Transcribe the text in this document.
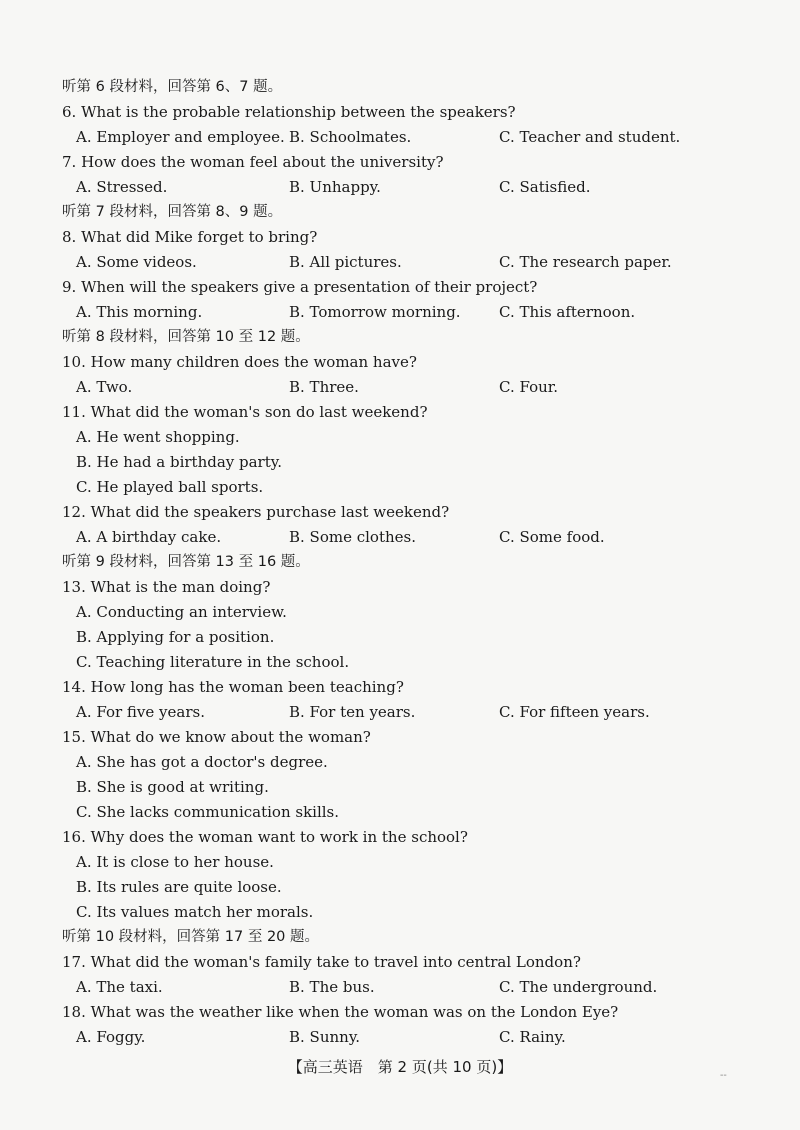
听第 6 段材料，回答第 6、7 题。
6. What is the probable relationship between the speakers?
A. Employer and employee. B. Schoolmates.	C. Teacher and student.
7. How does the woman feel about the university?
A. Stressed.	B. Unhappy.	C. Satisfied.
听第 7 段材料，回答第 8、9 题。
8. What did Mike forget to bring?
A. Some videos.	B. All pictures.	C. The research paper.
9. When will the speakers give a presentation of their project?
A. This morning.	B. Tomorrow morning.	C. This afternoon.
听第 8 段材料，回答第 10 至 12 题。
10. How many children does the woman have?
A. Two.	B. Three.	C. Four.
11. What did the woman's son do last weekend?
A. He went shopping.
B. He had a birthday party.
C. He played ball sports.
12. What did the speakers purchase last weekend?
A. A birthday cake.	B. Some clothes.	C. Some food.
听第 9 段材料，回答第 13 至 16 题。
13. What is the man doing?
A. Conducting an interview.
B. Applying for a position.
C. Teaching literature in the school.
14. How long has the woman been teaching?
A. For five years.	B. For ten years.	C. For fifteen years.
15. What do we know about the woman?
A. She has got a doctor's degree.
B. She is good at writing.
C. She lacks communication skills.
16. Why does the woman want to work in the school?
A. It is close to her house.
B. Its rules are quite loose.
C. Its values match her morals.
听第 10 段材料，回答第 17 至 20 题。
17. What did the woman's family take to travel into central London?
A. The taxi.	B. The bus.	C. The underground.
18. What was the weather like when the woman was on the London Eye?
A. Foggy.	B. Sunny.	C. Rainy.
【高三英语　第 2 页(共 10 页)】	--
